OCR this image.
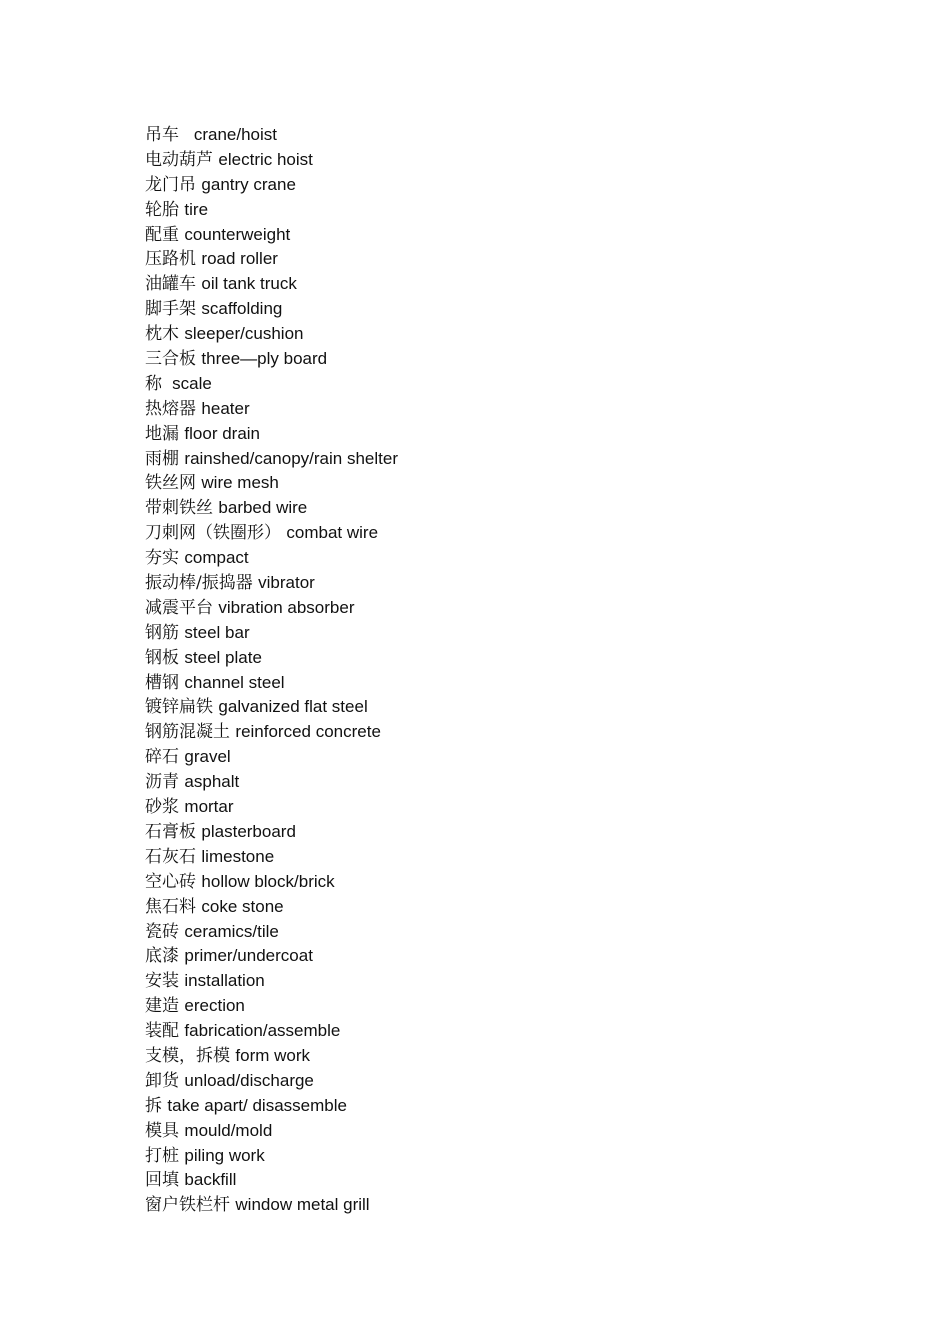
吊车   crane/hoist
电动葫芦 electric hoist
龙门吊 gantry crane
轮胎 tire
配重 counterweight
压路机 road roller
油罐车 oil tank truck
脚手架 scaffolding
枕木 sleeper/cushion
三合板 three—ply board
称  scale
热熔器 heater
地漏 floor drain
雨棚 rainshed/canopy/rain shelter
铁丝网 wire mesh
带刺铁丝 barbed wire
刀刺网（铁圈形） combat wire
夯实 compact
振动棒/振捣器 vibrator
减震平台 vibration absorber
钢筋 steel bar
钢板 steel plate
槽钢 channel steel
镀锌扁铁 galvanized flat steel
钢筋混凝土 reinforced concrete
碎石 gravel
沥青 asphalt
砂浆 mortar
石膏板 plasterboard
石灰石 limestone
空心砖 hollow block/brick
焦石料 coke stone
瓷砖 ceramics/tile
底漆 primer/undercoat
安装 installation
建造 erection
装配 fabrication/assemble
支模，拆模 form work
卸货 unload/discharge
拆 take apart/ disassemble
模具 mould/mold
打桩 piling work
回填 backfill
窗户铁栏杆 window metal grill
